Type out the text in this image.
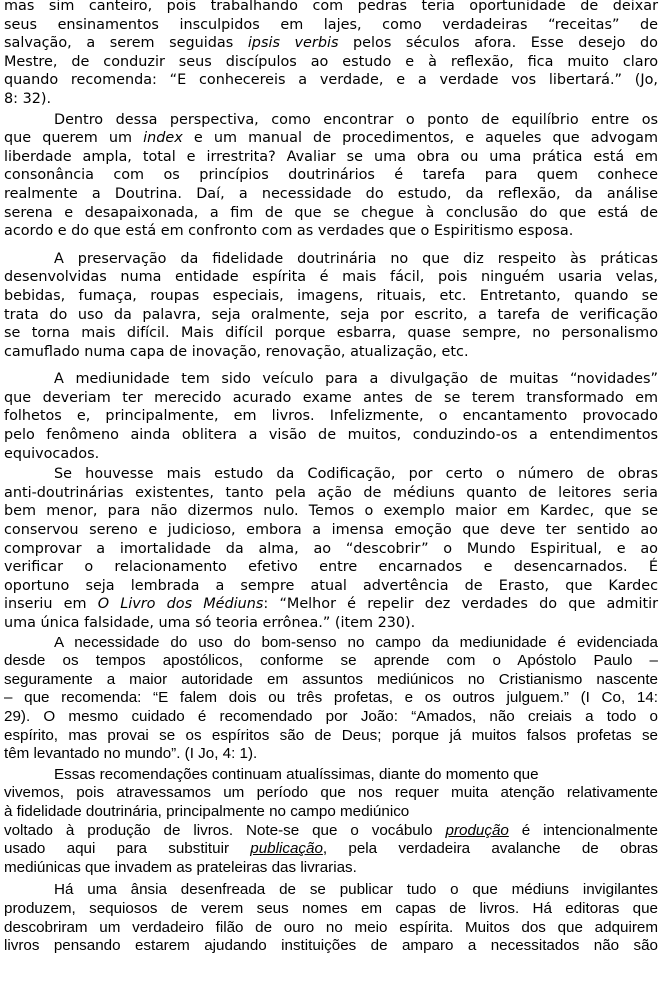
mas sim canteiro, pois trabalhando com pedras teria oportunidade de deixar
seus ensinamentos insculpidos em lajes, como verdadeiras “receitas” de
salvação, a serem seguidas ipsis verbis pelos séculos afora. Esse desejo do
Mestre, de conduzir seus discípulos ao estudo e à reflexão, fica muito claro
quando recomenda: “E conhecereis a verdade, e a verdade vos libertará.” (Jo,
8: 32).

Dentro dessa perspectiva, como encontrar o ponto de equilíbrio entre os
que querem um index e um manual de procedimentos, e aqueles que advogam
liberdade ampla, total e irrestrita? Avaliar se uma obra ou uma prática está em
consonância com os princípios doutrinários é tarefa para quem conhece
realmente a Doutrina. Daí, a necessidade do estudo, da reflexão, da análise
serena e desapaixonada, a fim de que se chegue à conclusão do que está de
acordo e do que está em confronto com as verdades que o Espiritismo esposa.

A preservação da fidelidade doutrinária no que diz respeito às práticas
desenvolvidas numa entidade espírita é mais fácil, pois ninguém usaria velas,
bebidas, fumaça, roupas especiais, imagens, rituais, etc. Entretanto, quando se
trata do uso da palavra, seja oralmente, seja por escrito, a tarefa de verificação
se torna mais difícil. Mais difícil porque esbarra, quase sempre, no personalismo
camuflado numa capa de inovação, renovação, atualização, etc.

A mediunidade tem sido veículo para a divulgação de muitas “novidades”
que deveriam ter merecido acurado exame antes de se terem transformado em
folhetos e, principalmente, em livros. Infelizmente, o encantamento provocado
pelo fenômeno ainda oblitera a visão de muitos, conduzindo-os a entendimentos
equivocados.

Se houvesse mais estudo da Codificação, por certo o número de obras
anti-doutrinárias existentes, tanto pela ação de médiuns quanto de leitores seria
bem menor, para não dizermos nulo. Temos o exemplo maior em Kardec, que se
conservou sereno e judicioso, embora a imensa emoção que deve ter sentido ao
comprovar a imortalidade da alma, ao “descobrir” o Mundo Espiritual, e ao
verificar o relacionamento efetivo entre encarnados e desencarnados. É
oportuno seja lembrada a sempre atual advertência de Erasto, que Kardec
inseriu em O Livro dos Médiuns: “Melhor é repelir dez verdades do que admitir
uma única falsidade, uma só teoria errônea.” (item 230).

A necessidade do uso do bom-senso no campo da mediunidade é evidenciada
desde os tempos apostólicos, conforme se aprende com o Apóstolo Paulo –
seguramente a maior autoridade em assuntos mediúnicos no Cristianismo nascente
– que recomenda: “E falem dois ou três profetas, e os outros julguem.” (I Co, 14:
29). O mesmo cuidado é recomendado por João: “Amados, não creiais a todo o
espírito, mas provai se os espíritos são de Deus; porque já muitos falsos profetas se
têm levantado no mundo”. (I Jo, 4: 1).

Essas recomendações continuam atualíssimas, diante do momento que
vivemos, pois atravessamos um período que nos requer muita atenção relativamente
à fidelidade doutrinária, principalmente no campo mediúnico
voltado à produção de livros. Note-se que o vocábulo produção é intencionalmente
usado aqui para substituir publicação, pela verdadeira avalanche de obras
mediúnicas que invadem as prateleiras das livrarias.

Há uma ânsia desenfreada de se publicar tudo o que médiuns invigilantes
produzem, sequiosos de verem seus nomes em capas de livros. Há editoras que
descobriram um verdadeiro filão de ouro no meio espírita. Muitos dos que adquirem
livros pensando estarem ajudando instituições de amparo a necessitados não são
